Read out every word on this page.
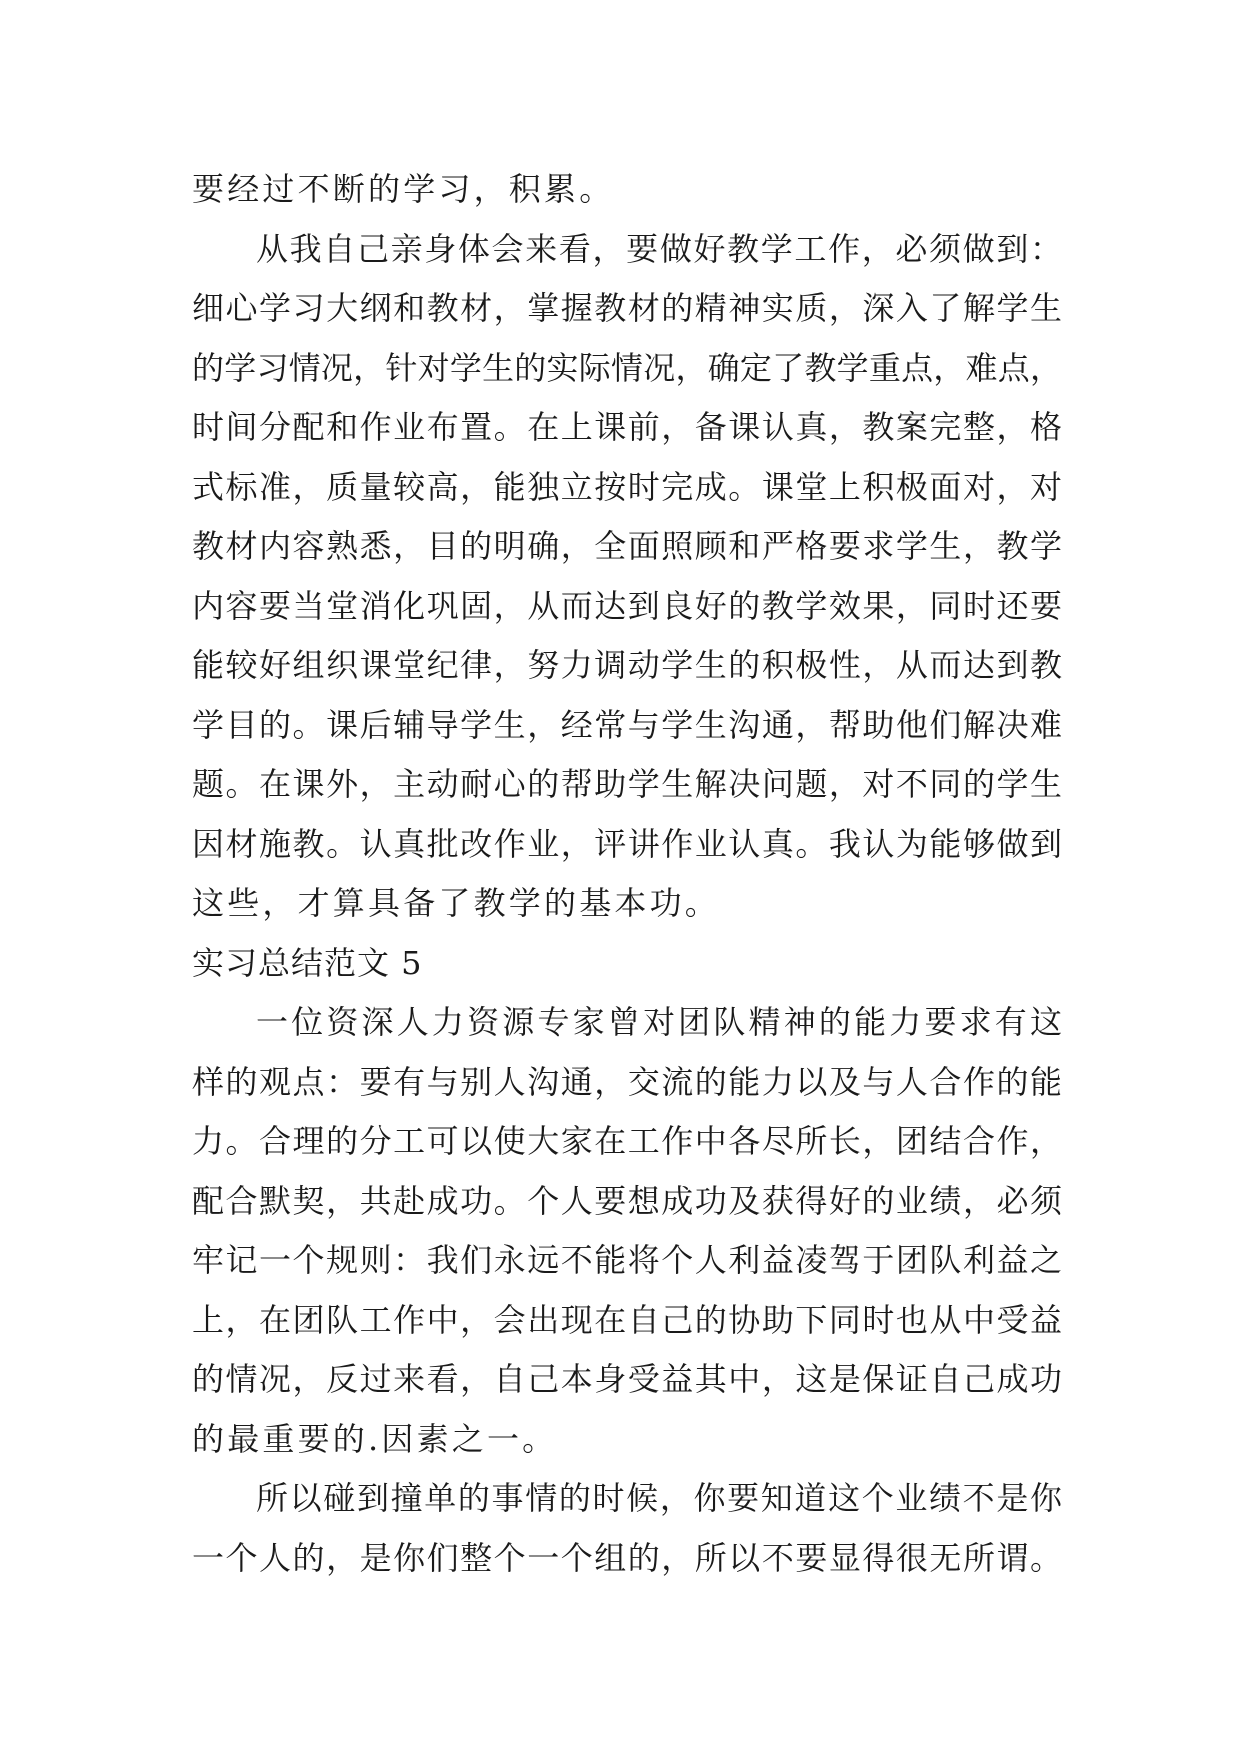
要经过不断的学习，积累。
从我自己亲身体会来看，要做好教学工作，必须做到：
细心学习大纲和教材，掌握教材的精神实质，深入了解学生
的学习情况，针对学生的实际情况，确定了教学重点，难点，
时间分配和作业布置。在上课前，备课认真，教案完整，格
式标准，质量较高，能独立按时完成。课堂上积极面对，对
教材内容熟悉，目的明确，全面照顾和严格要求学生，教学
内容要当堂消化巩固，从而达到良好的教学效果，同时还要
能较好组织课堂纪律，努力调动学生的积极性，从而达到教
学目的。课后辅导学生，经常与学生沟通，帮助他们解决难
题。在课外，主动耐心的帮助学生解决问题，对不同的学生
因材施教。认真批改作业，评讲作业认真。我认为能够做到
这些，才算具备了教学的基本功。
实习总结范文 5
一位资深人力资源专家曾对团队精神的能力要求有这
样的观点：要有与别人沟通，交流的能力以及与人合作的能
力。合理的分工可以使大家在工作中各尽所长，团结合作，
配合默契，共赴成功。个人要想成功及获得好的业绩，必须
牢记一个规则：我们永远不能将个人利益凌驾于团队利益之
上，在团队工作中，会出现在自己的协助下同时也从中受益
的情况，反过来看，自己本身受益其中，这是保证自己成功
的最重要的.因素之一。
所以碰到撞单的事情的时候，你要知道这个业绩不是你
一个人的，是你们整个一个组的，所以不要显得很无所谓。
